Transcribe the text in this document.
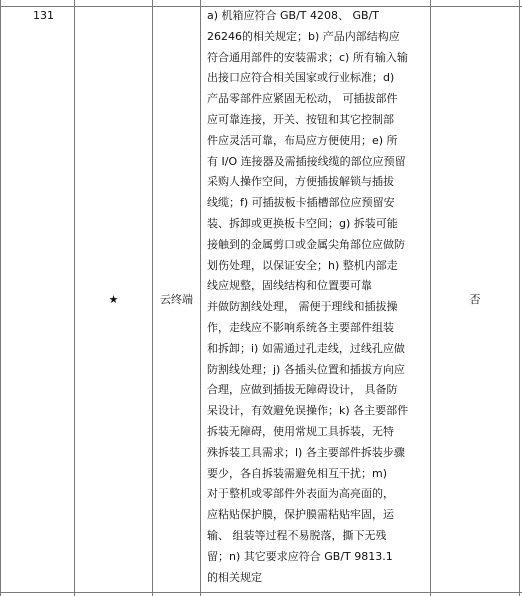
131
★	云终端
a) 机箱应符合 GB/T 4208、 GB/T
26246的相关规定；b) 产品内部结构应
符合通用部件的安装需求；c) 所有输入输
出接口应符合相关国家或行业标准；d)
产品零部件应紧固无松动， 可插拔部件
应可靠连接，开关、按钮和其它控制部
件应灵活可靠，布局应方便使用；e) 所
有 I/O 连接器及需插接线缆的部位应预留
采购人操作空间，方便插拔解锁与插拔
线缆；f) 可插拔板卡插槽部位应预留安
装、拆卸或更换板卡空间；g) 拆装可能
接触到的金属剪口或金属尖角部位应做防
划伤处理，以保证安全；h) 整机内部走
线应规整，固线结构和位置要可靠
并做防割线处理， 需便于理线和插拔操
作，走线应不影响系统各主要部件组装
和拆卸；i) 如需通过孔走线，过线孔应做
防割线处理；j) 各插头位置和插拔方向应
合理，应做到插拔无障碍设计， 具备防
呆设计，有效避免误操作；k) 各主要部件
拆装无障碍，使用常规工具拆装，无特
殊拆装工具需求；l) 各主要部件拆装步骤
要少，各自拆装需避免相互干扰；m)
对于整机或零部件外表面为高亮面的，
应粘贴保护膜，保护膜需粘贴牢固，运
输、 组装等过程不易脱落，撕下无残
留；n) 其它要求应符合 GB/T 9813.1
的相关规定
否
